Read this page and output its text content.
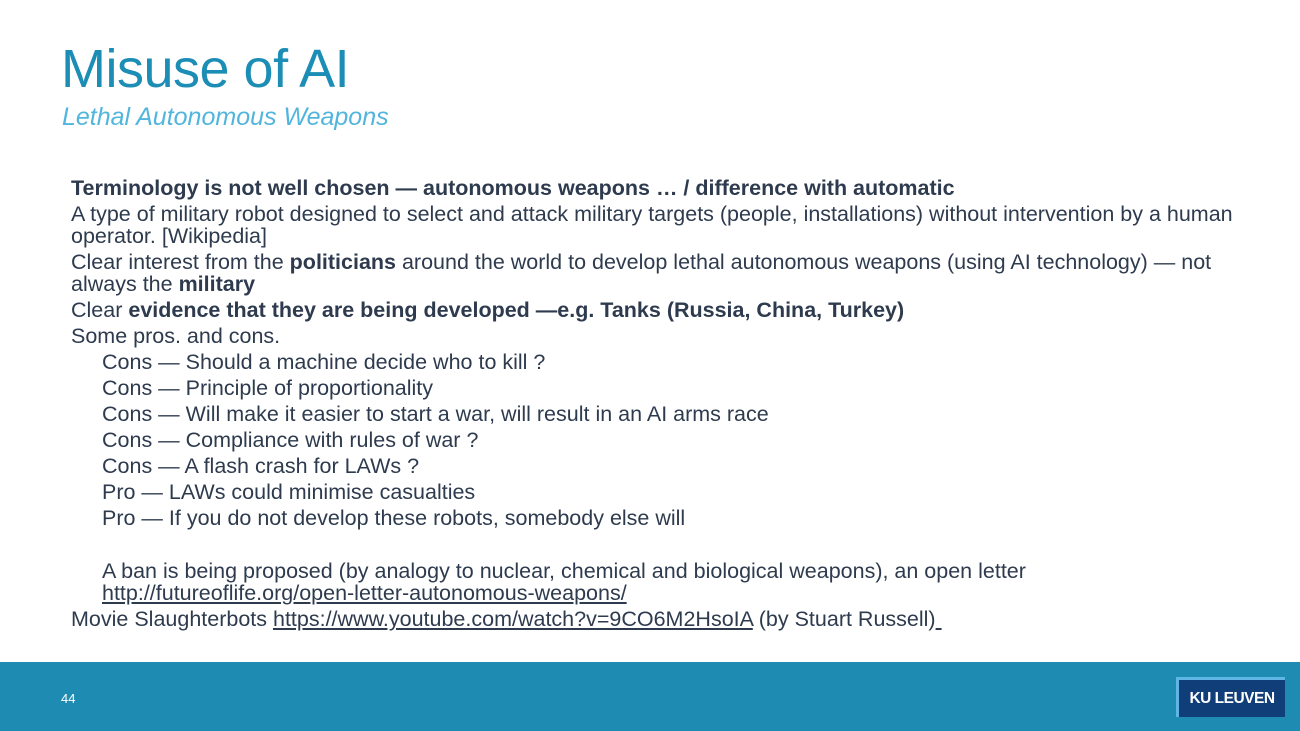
Misuse of AI
Lethal Autonomous Weapons
Terminology is not well chosen — autonomous weapons … / difference with automatic
A type of military robot designed to select and attack military targets (people, installations) without intervention by a human operator. [Wikipedia]
Clear interest from the politicians around the world to develop lethal autonomous weapons (using AI technology) — not always the military
Clear evidence that they are being developed —e.g. Tanks (Russia, China, Turkey)
Some pros. and cons.
Cons — Should a machine decide who to kill ?
Cons — Principle of proportionality
Cons — Will make it easier to start a war, will result in an AI arms race
Cons — Compliance with rules of war ?
Cons — A flash crash for LAWs ?
Pro — LAWs could minimise casualties
Pro — If you do not develop these robots, somebody else will
A ban is being proposed (by analogy to nuclear, chemical and biological weapons), an open letter http://futureoflife.org/open-letter-autonomous-weapons/
Movie Slaughterbots https://www.youtube.com/watch?v=9CO6M2HsoIA (by Stuart Russell)
44	KU LEUVEN
